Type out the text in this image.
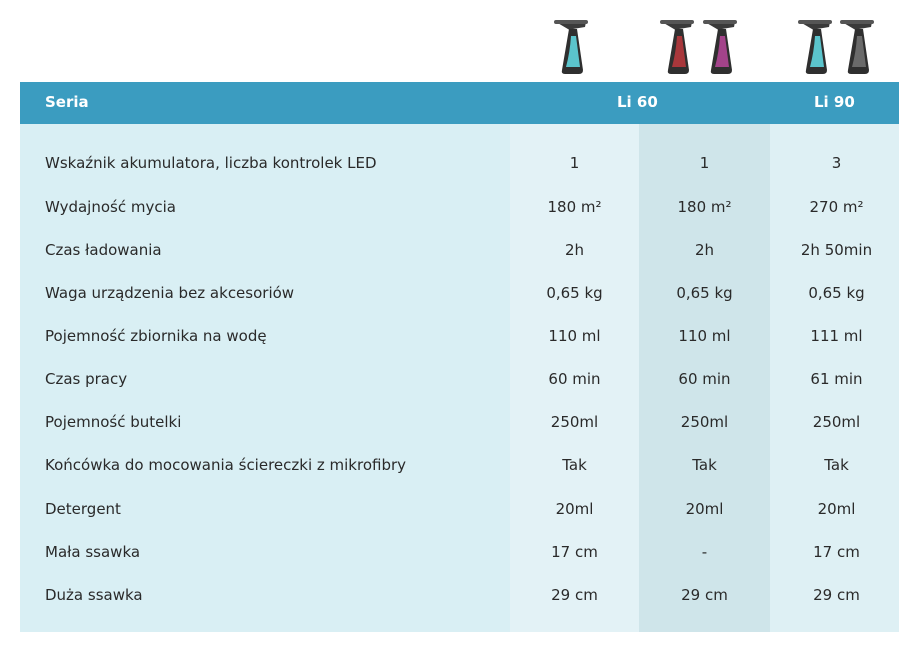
Seria	Li 60	Li 90
Wskaźnik akumulatora, liczba kontrolek LED	1	1	3
Wydajność mycia	180 m²	180 m²	270 m²
Czas ładowania	2h	2h	2h 50min
Waga urządzenia bez akcesoriów	0,65 kg	0,65 kg	0,65 kg
Pojemność zbiornika na wodę	110 ml	110 ml	111 ml
Czas pracy	60 min	60 min	61 min
Pojemność butelki	250ml	250ml	250ml
Końcówka do mocowania ściereczki z mikrofibry	Tak	Tak	Tak
Detergent	20ml	20ml	20ml
Mała ssawka	17 cm	-	17 cm
Duża ssawka	29 cm	29 cm	29 cm
